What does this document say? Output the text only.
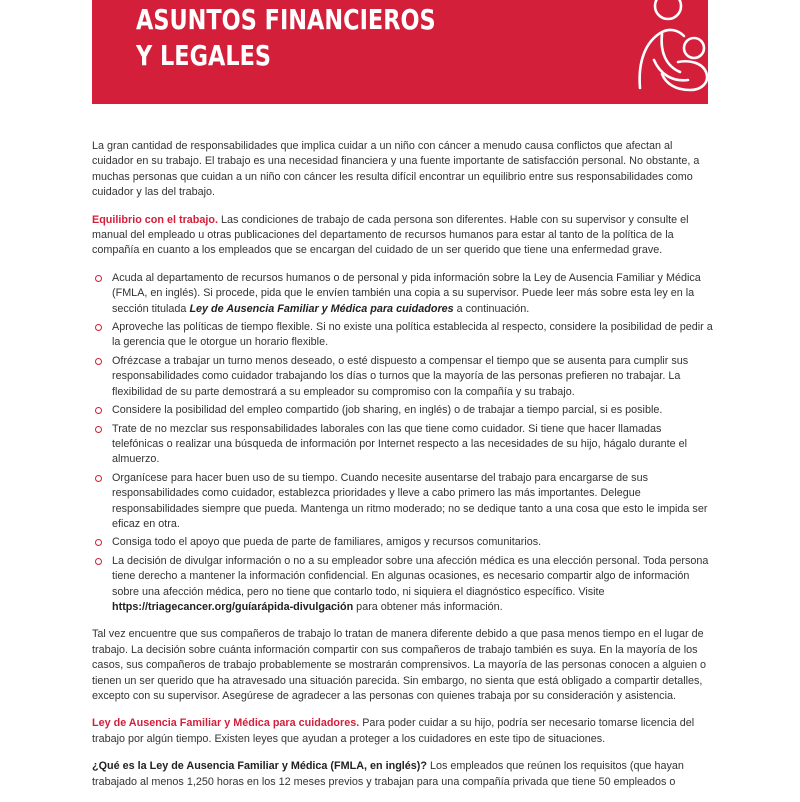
ASUNTOS FINANCIEROS
Y LEGALES

La gran cantidad de responsabilidades que implica cuidar a un niño con cáncer a menudo causa conflictos que afectan al cuidador en su trabajo. El trabajo es una necesidad financiera y una fuente importante de satisfacción personal. No obstante, a muchas personas que cuidan a un niño con cáncer les resulta difícil encontrar un equilibrio entre sus responsabilidades como cuidador y las del trabajo.

Equilibrio con el trabajo. Las condiciones de trabajo de cada persona son diferentes. Hable con su supervisor y consulte el manual del empleado u otras publicaciones del departamento de recursos humanos para estar al tanto de la política de la compañía en cuanto a los empleados que se encargan del cuidado de un ser querido que tiene una enfermedad grave.

Acuda al departamento de recursos humanos o de personal y pida información sobre la Ley de Ausencia Familiar y Médica (FMLA, en inglés). Si procede, pida que le envíen también una copia a su supervisor. Puede leer más sobre esta ley en la sección titulada Ley de Ausencia Familiar y Médica para cuidadores a continuación.
Aproveche las políticas de tiempo flexible. Si no existe una política establecida al respecto, considere la posibilidad de pedir a la gerencia que le otorgue un horario flexible.
Ofrézcase a trabajar un turno menos deseado, o esté dispuesto a compensar el tiempo que se ausenta para cumplir sus responsabilidades como cuidador trabajando los días o turnos que la mayoría de las personas prefieren no trabajar. La flexibilidad de su parte demostrará a su empleador su compromiso con la compañía y su trabajo.
Considere la posibilidad del empleo compartido (job sharing, en inglés) o de trabajar a tiempo parcial, si es posible.
Trate de no mezclar sus responsabilidades laborales con las que tiene como cuidador. Si tiene que hacer llamadas telefónicas o realizar una búsqueda de información por Internet respecto a las necesidades de su hijo, hágalo durante el almuerzo.
Organícese para hacer buen uso de su tiempo. Cuando necesite ausentarse del trabajo para encargarse de sus responsabilidades como cuidador, establezca prioridades y lleve a cabo primero las más importantes. Delegue responsabilidades siempre que pueda. Mantenga un ritmo moderado; no se dedique tanto a una cosa que esto le impida ser eficaz en otra.
Consiga todo el apoyo que pueda de parte de familiares, amigos y recursos comunitarios.
La decisión de divulgar información o no a su empleador sobre una afección médica es una elección personal. Toda persona tiene derecho a mantener la información confidencial. En algunas ocasiones, es necesario compartir algo de información sobre una afección médica, pero no tiene que contarlo todo, ni siquiera el diagnóstico específico. Visite https://triagecancer.org/guíarápida-divulgación para obtener más información.

Tal vez encuentre que sus compañeros de trabajo lo tratan de manera diferente debido a que pasa menos tiempo en el lugar de trabajo. La decisión sobre cuánta información compartir con sus compañeros de trabajo también es suya. En la mayoría de los casos, sus compañeros de trabajo probablemente se mostrarán comprensivos. La mayoría de las personas conocen a alguien o tienen un ser querido que ha atravesado una situación parecida. Sin embargo, no sienta que está obligado a compartir detalles, excepto con su supervisor. Asegúrese de agradecer a las personas con quienes trabaja por su consideración y asistencia.

Ley de Ausencia Familiar y Médica para cuidadores. Para poder cuidar a su hijo, podría ser necesario tomarse licencia del trabajo por algún tiempo. Existen leyes que ayudan a proteger a los cuidadores en este tipo de situaciones.

¿Qué es la Ley de Ausencia Familiar y Médica (FMLA, en inglés)? Los empleados que reúnen los requisitos (que hayan trabajado al menos 1,250 horas en los 12 meses previos y trabajan para una compañía privada que tiene 50 empleados o
